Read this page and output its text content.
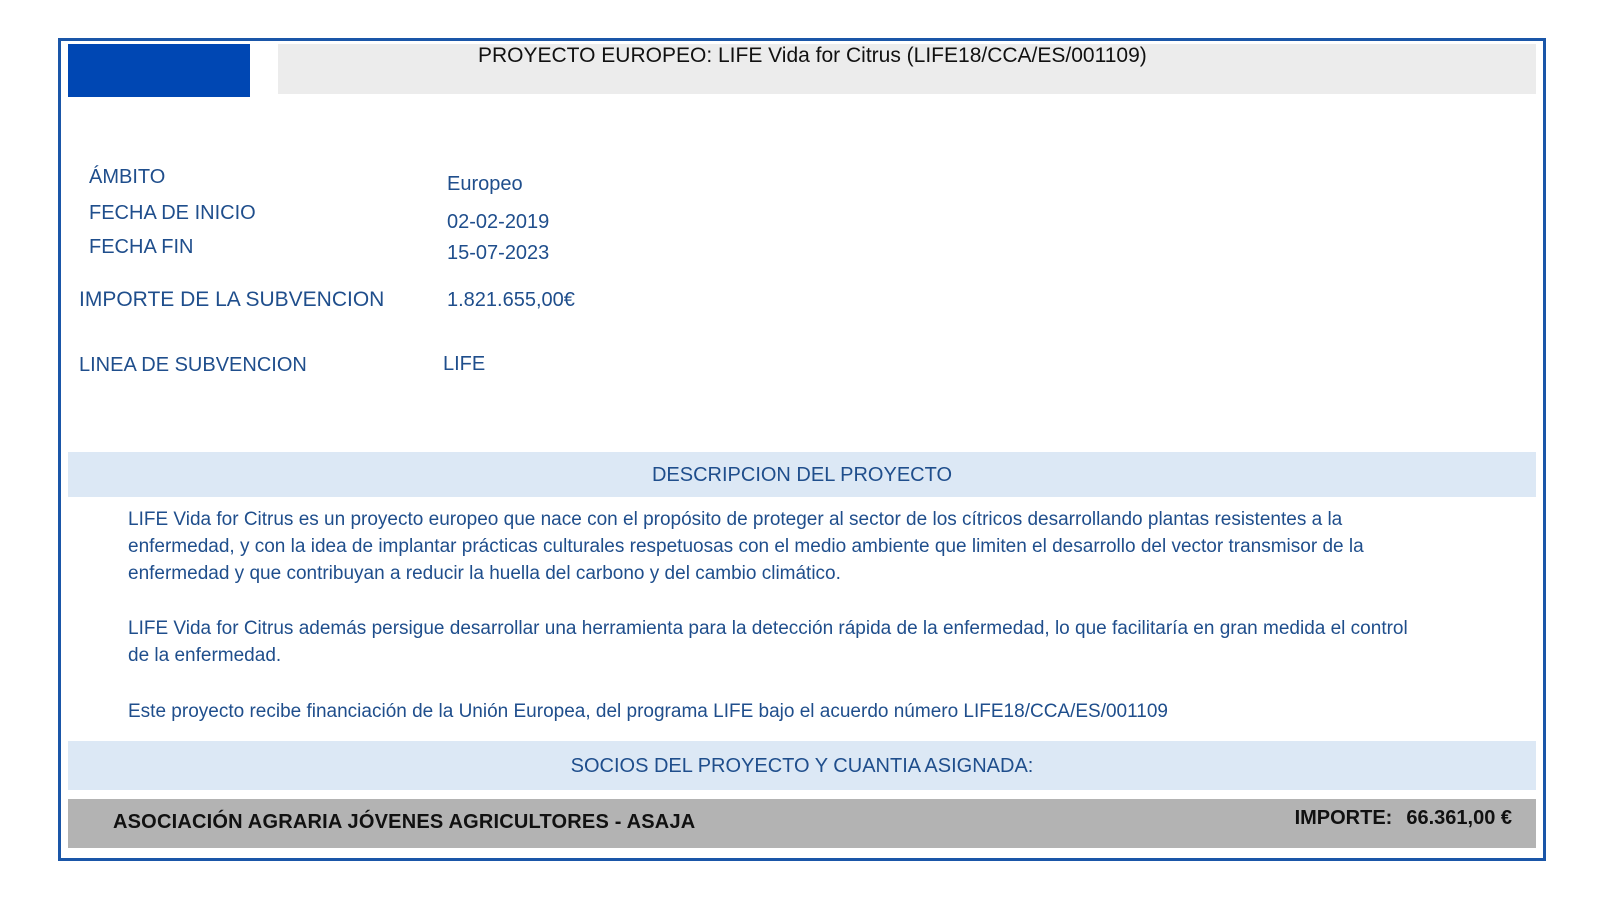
PROYECTO EUROPEO: LIFE Vida for Citrus (LIFE18/CCA/ES/001109)
ÁMBITO	Europeo
FECHA DE INICIO	02-02-2019
FECHA FIN	15-07-2023
IMPORTE DE LA SUBVENCION	1.821.655,00€
LINEA DE SUBVENCION	LIFE
DESCRIPCION DEL PROYECTO

LIFE Vida for Citrus es un proyecto europeo que nace con el propósito de proteger al sector de los cítricos desarrollando plantas resistentes a la enfermedad, y con la idea de implantar prácticas culturales respetuosas con el medio ambiente que limiten el desarrollo del vector transmisor de la enfermedad y que contribuyan a reducir la huella del carbono y del cambio climático.

LIFE Vida for Citrus además persigue desarrollar una herramienta para la detección rápida de la enfermedad, lo que facilitaría en gran medida el control de la enfermedad.

Este proyecto recibe financiación de la Unión Europea, del programa LIFE bajo el acuerdo número LIFE18/CCA/ES/001109

SOCIOS DEL PROYECTO Y CUANTIA ASIGNADA:
ASOCIACIÓN AGRARIA JÓVENES AGRICULTORES - ASAJA	IMPORTE: 66.361,00 €
